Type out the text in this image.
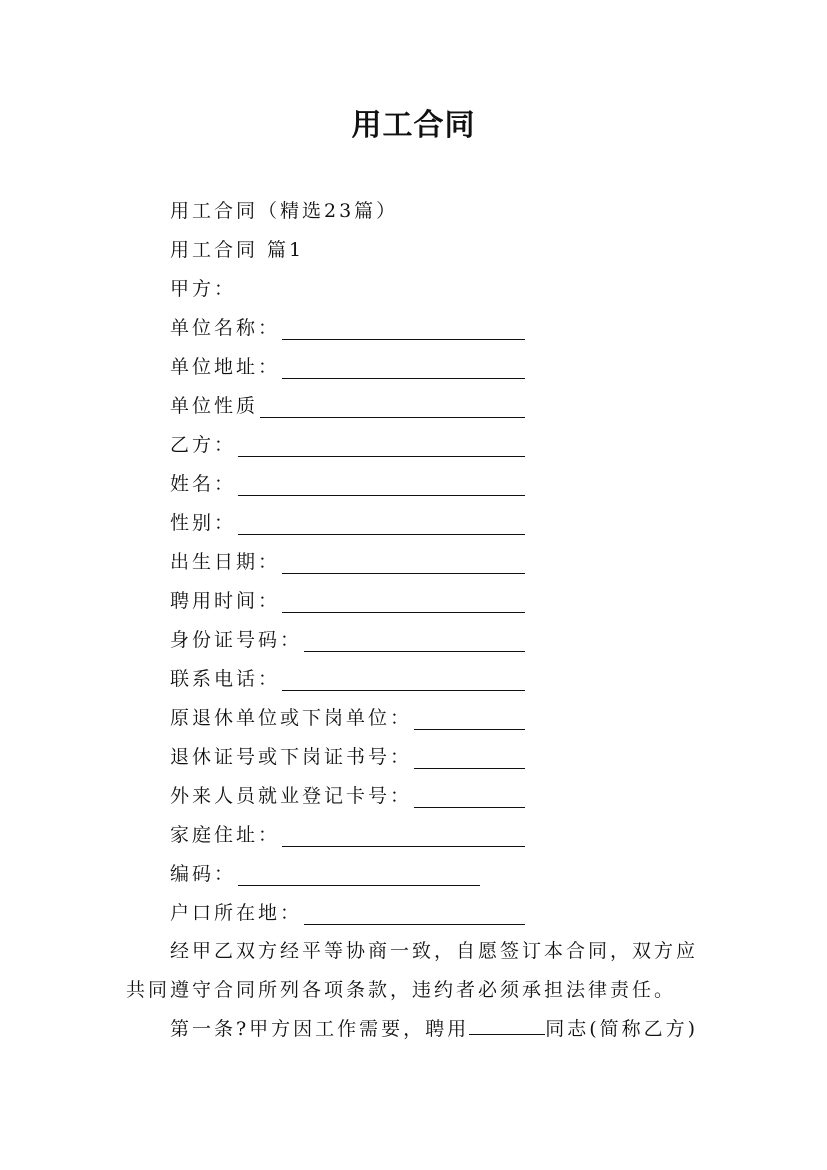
用工合同
用工合同（精选23篇）
用工合同 篇1
甲方：
单位名称：
单位地址：
单位性质
乙方：
姓名：
性别：
出生日期：
聘用时间：
身份证号码：
联系电话：
原退休单位或下岗单位：
退休证号或下岗证书号：
外来人员就业登记卡号：
家庭住址：
编码：
户口所在地：
经甲乙双方经平等协商一致，自愿签订本合同，双方应共同遵守合同所列各项条款，违约者必须承担法律责任。
第一条?甲方因工作需要，聘用	同志(简称乙方)
